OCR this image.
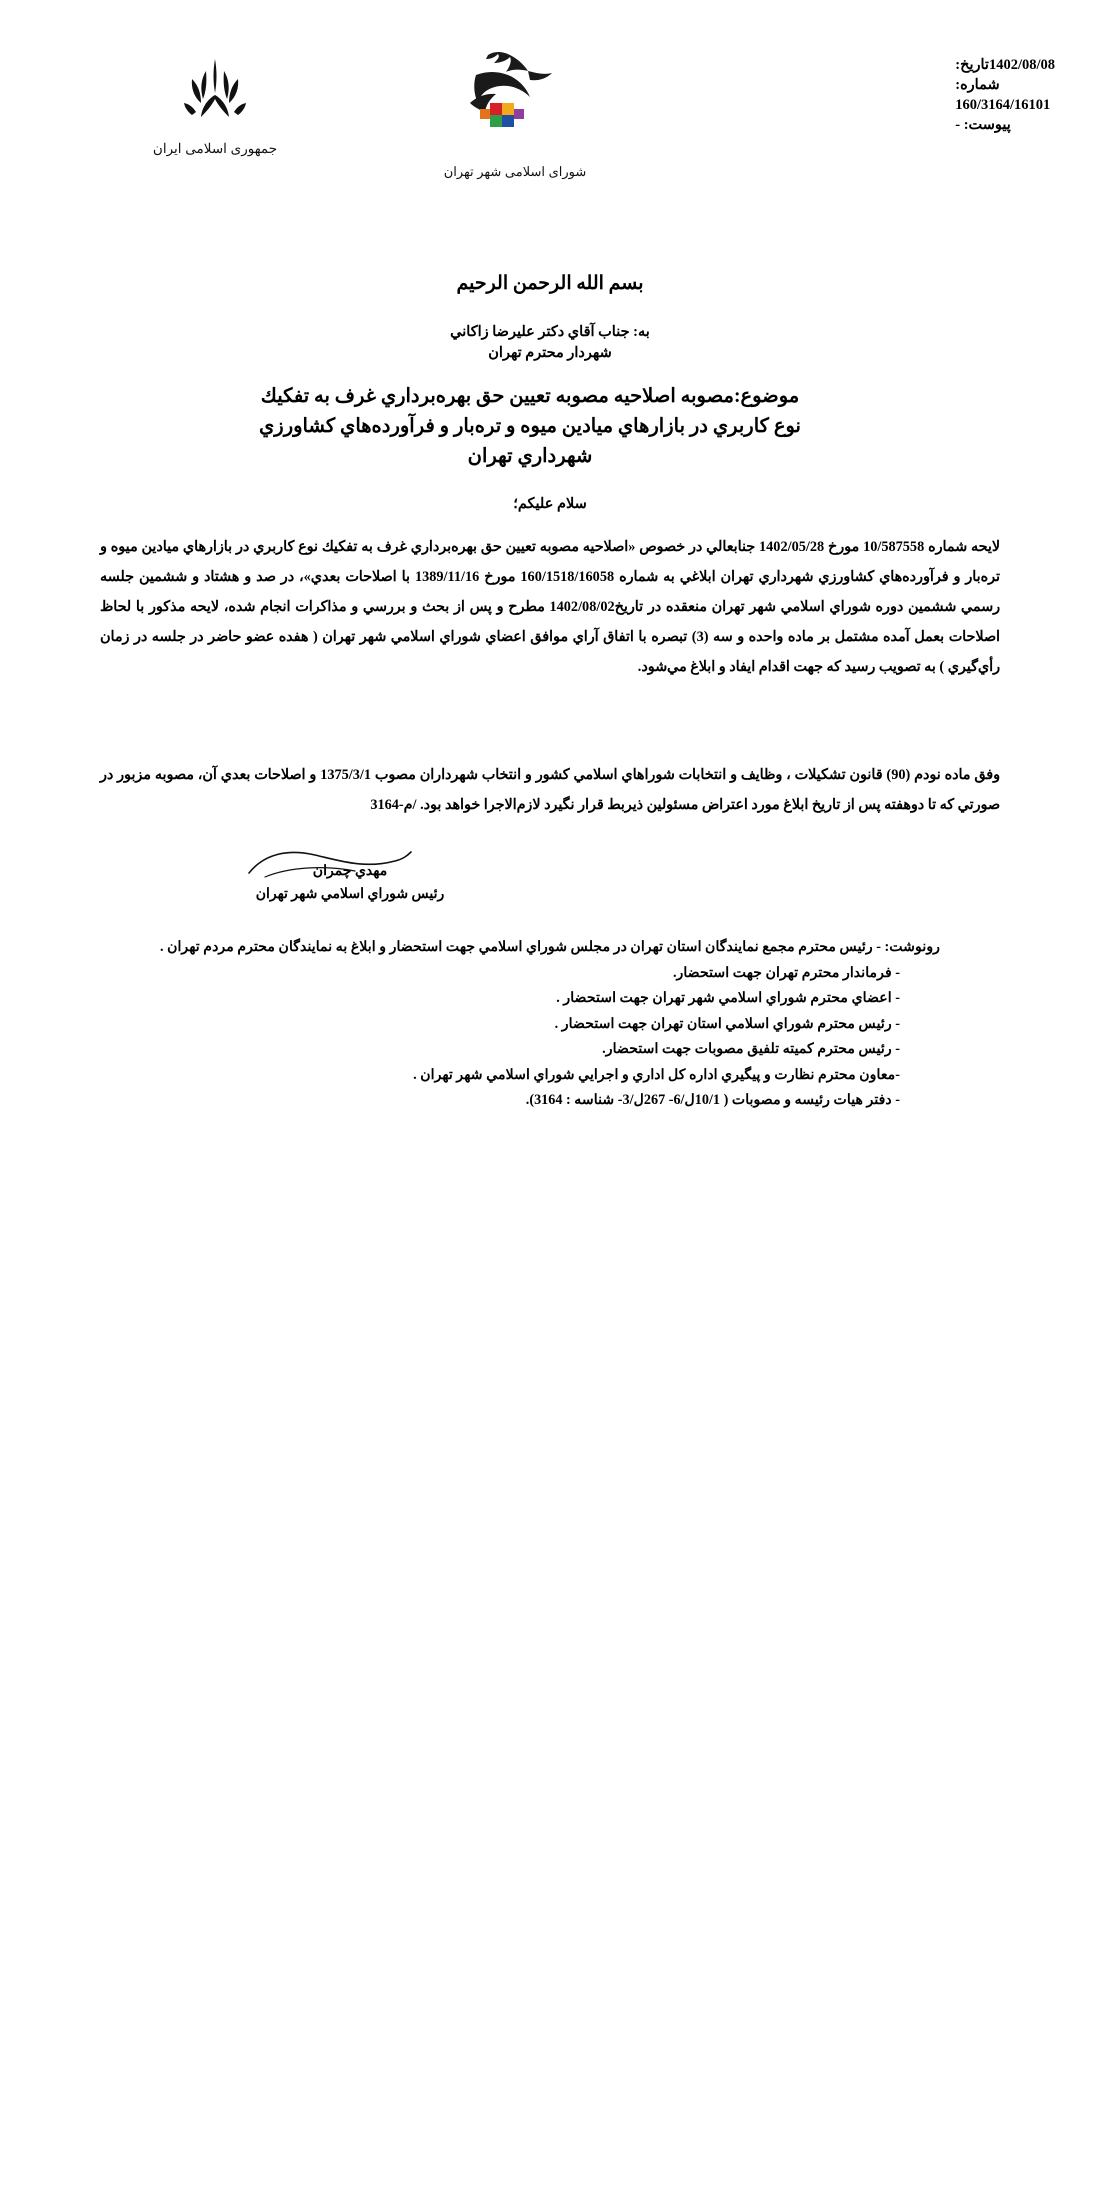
1402/08/08تاريخ:
شماره:
160/3164/16101
پيوست: -
جمهوری اسلامی ایران
شورای اسلامی شهر تهران
بسم الله الرحمن الرحيم
به: جناب آقاي دکتر عليرضا زاکاني
شهردار محترم تهران
موضوع:مصوبه اصلاحيه مصوبه تعيين حق بهره‌برداري غرف به تفكيك نوع كاربري در بازارهاي ميادين ميوه و تره‌بار و فرآورده‌هاي كشاورزي شهرداري تهران
سلام عليكم؛
لايحه شماره 10/587558 مورخ 1402/05/28 جنابعالي در خصوص «اصلاحيه مصوبه تعيين حق بهره‌برداري غرف به تفكيك نوع كاربري در بازارهاي ميادين ميوه و تره‌بار و فرآورده‌هاي كشاورزي شهرداري تهران ابلاغي به شماره 160/1518/16058 مورخ 1389/11/16 با اصلاحات بعدي»، در صد و هشتاد و ششمين جلسه رسمي ششمين دوره شوراي اسلامي شهر تهران منعقده در تاريخ1402/08/02 مطرح و پس از بحث و بررسي و مذاكرات انجام شده، لايحه مذكور با لحاظ اصلاحات بعمل آمده مشتمل بر ماده واحده و سه (3) تبصره با اتفاق آراي موافق اعضاي شوراي اسلامي شهر تهران ( هفده عضو حاضر در جلسه در زمان رأي‌گيري ) به تصويب رسيد كه جهت اقدام ايفاد و ابلاغ مي‌شود.
وفق ماده نودم (90) قانون تشکیلات ، وظايف و انتخابات شوراهاي اسلامي كشور و انتخاب شهرداران مصوب 1375/3/1 و اصلاحات بعدي آن، مصوبه مزبور در صورتي كه تا دوهفته پس از تاريخ ابلاغ مورد اعتراض مسئولين ذيربط قرار نگيرد لازم‌الاجرا خواهد بود. /م-3164
مهدي چمران
رئيس شوراي اسلامي شهر تهران
رونوشت: - رئيس محترم مجمع نمايندگان استان تهران در مجلس شوراي اسلامي جهت استحضار و ابلاغ به نمايندگان محترم مردم تهران .
- فرماندار محترم تهران جهت استحضار.
- اعضاي محترم شوراي اسلامي شهر تهران جهت استحضار .
- رئيس محترم شوراي اسلامي استان تهران جهت استحضار .
- رئيس محترم كميته تلفيق مصوبات جهت استحضار.
-معاون محترم نظارت و پيگيري اداره كل اداري و اجرايي شوراي اسلامي شهر تهران .
- دفتر هيات رئيسه و مصوبات ( 10/1ل/6- 267ل/3- شناسه : 3164).
